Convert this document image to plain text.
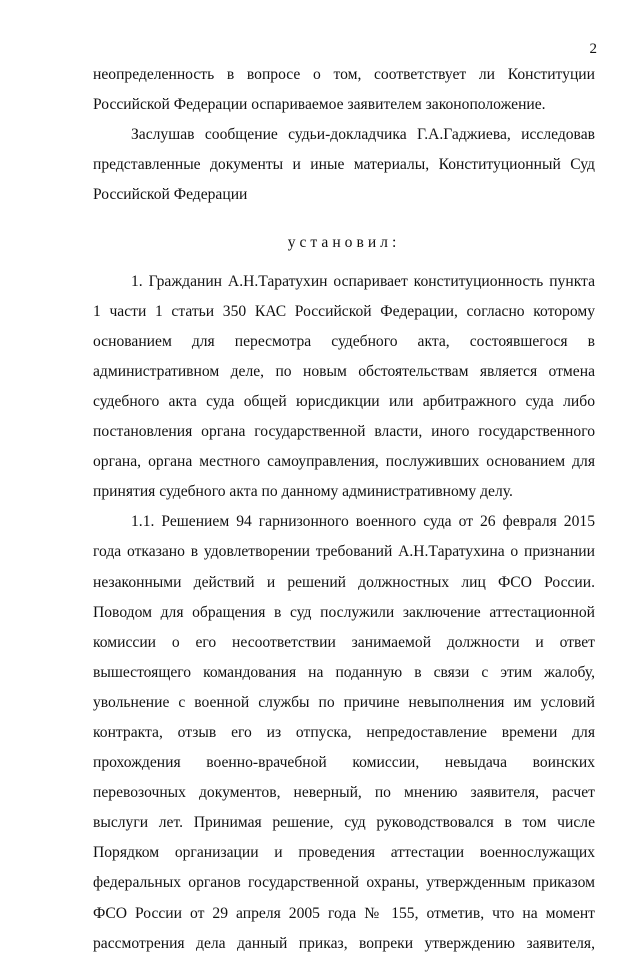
2
неопределенность в вопросе о том, соответствует ли Конституции
Российской Федерации оспариваемое заявителем законоположение.
Заслушав сообщение судьи-докладчика Г.А.Гаджиева, исследовав
представленные документы и иные материалы, Конституционный Суд
Российской Федерации
установил:
1. Гражданин А.Н.Таратухин оспаривает конституционность пункта
1 части 1 статьи 350 КАС Российской Федерации, согласно которому
основанием для пересмотра судебного акта, состоявшегося в
административном деле, по новым обстоятельствам является отмена
судебного акта суда общей юрисдикции или арбитражного суда либо
постановления органа государственной власти, иного государственного
органа, органа местного самоуправления, послуживших основанием для
принятия судебного акта по данному административному делу.
1.1. Решением 94 гарнизонного военного суда от 26 февраля 2015
года отказано в удовлетворении требований А.Н.Таратухина о признании
незаконными действий и решений должностных лиц ФСО России.
Поводом для обращения в суд послужили заключение аттестационной
комиссии о его несоответствии занимаемой должности и ответ
вышестоящего командования на поданную в связи с этим жалобу,
увольнение с военной службы по причине невыполнения им условий
контракта, отзыв его из отпуска, непредоставление времени для
прохождения военно-врачебной комиссии, невыдача воинских
перевозочных документов, неверный, по мнению заявителя, расчет
выслуги лет. Принимая решение, суд руководствовался в том числе
Порядком организации и проведения аттестации военнослужащих
федеральных органов государственной охраны, утвержденным приказом
ФСО России от 29 апреля 2005 года № 155, отметив, что на момент
рассмотрения дела данный приказ, вопреки утверждению заявителя,
